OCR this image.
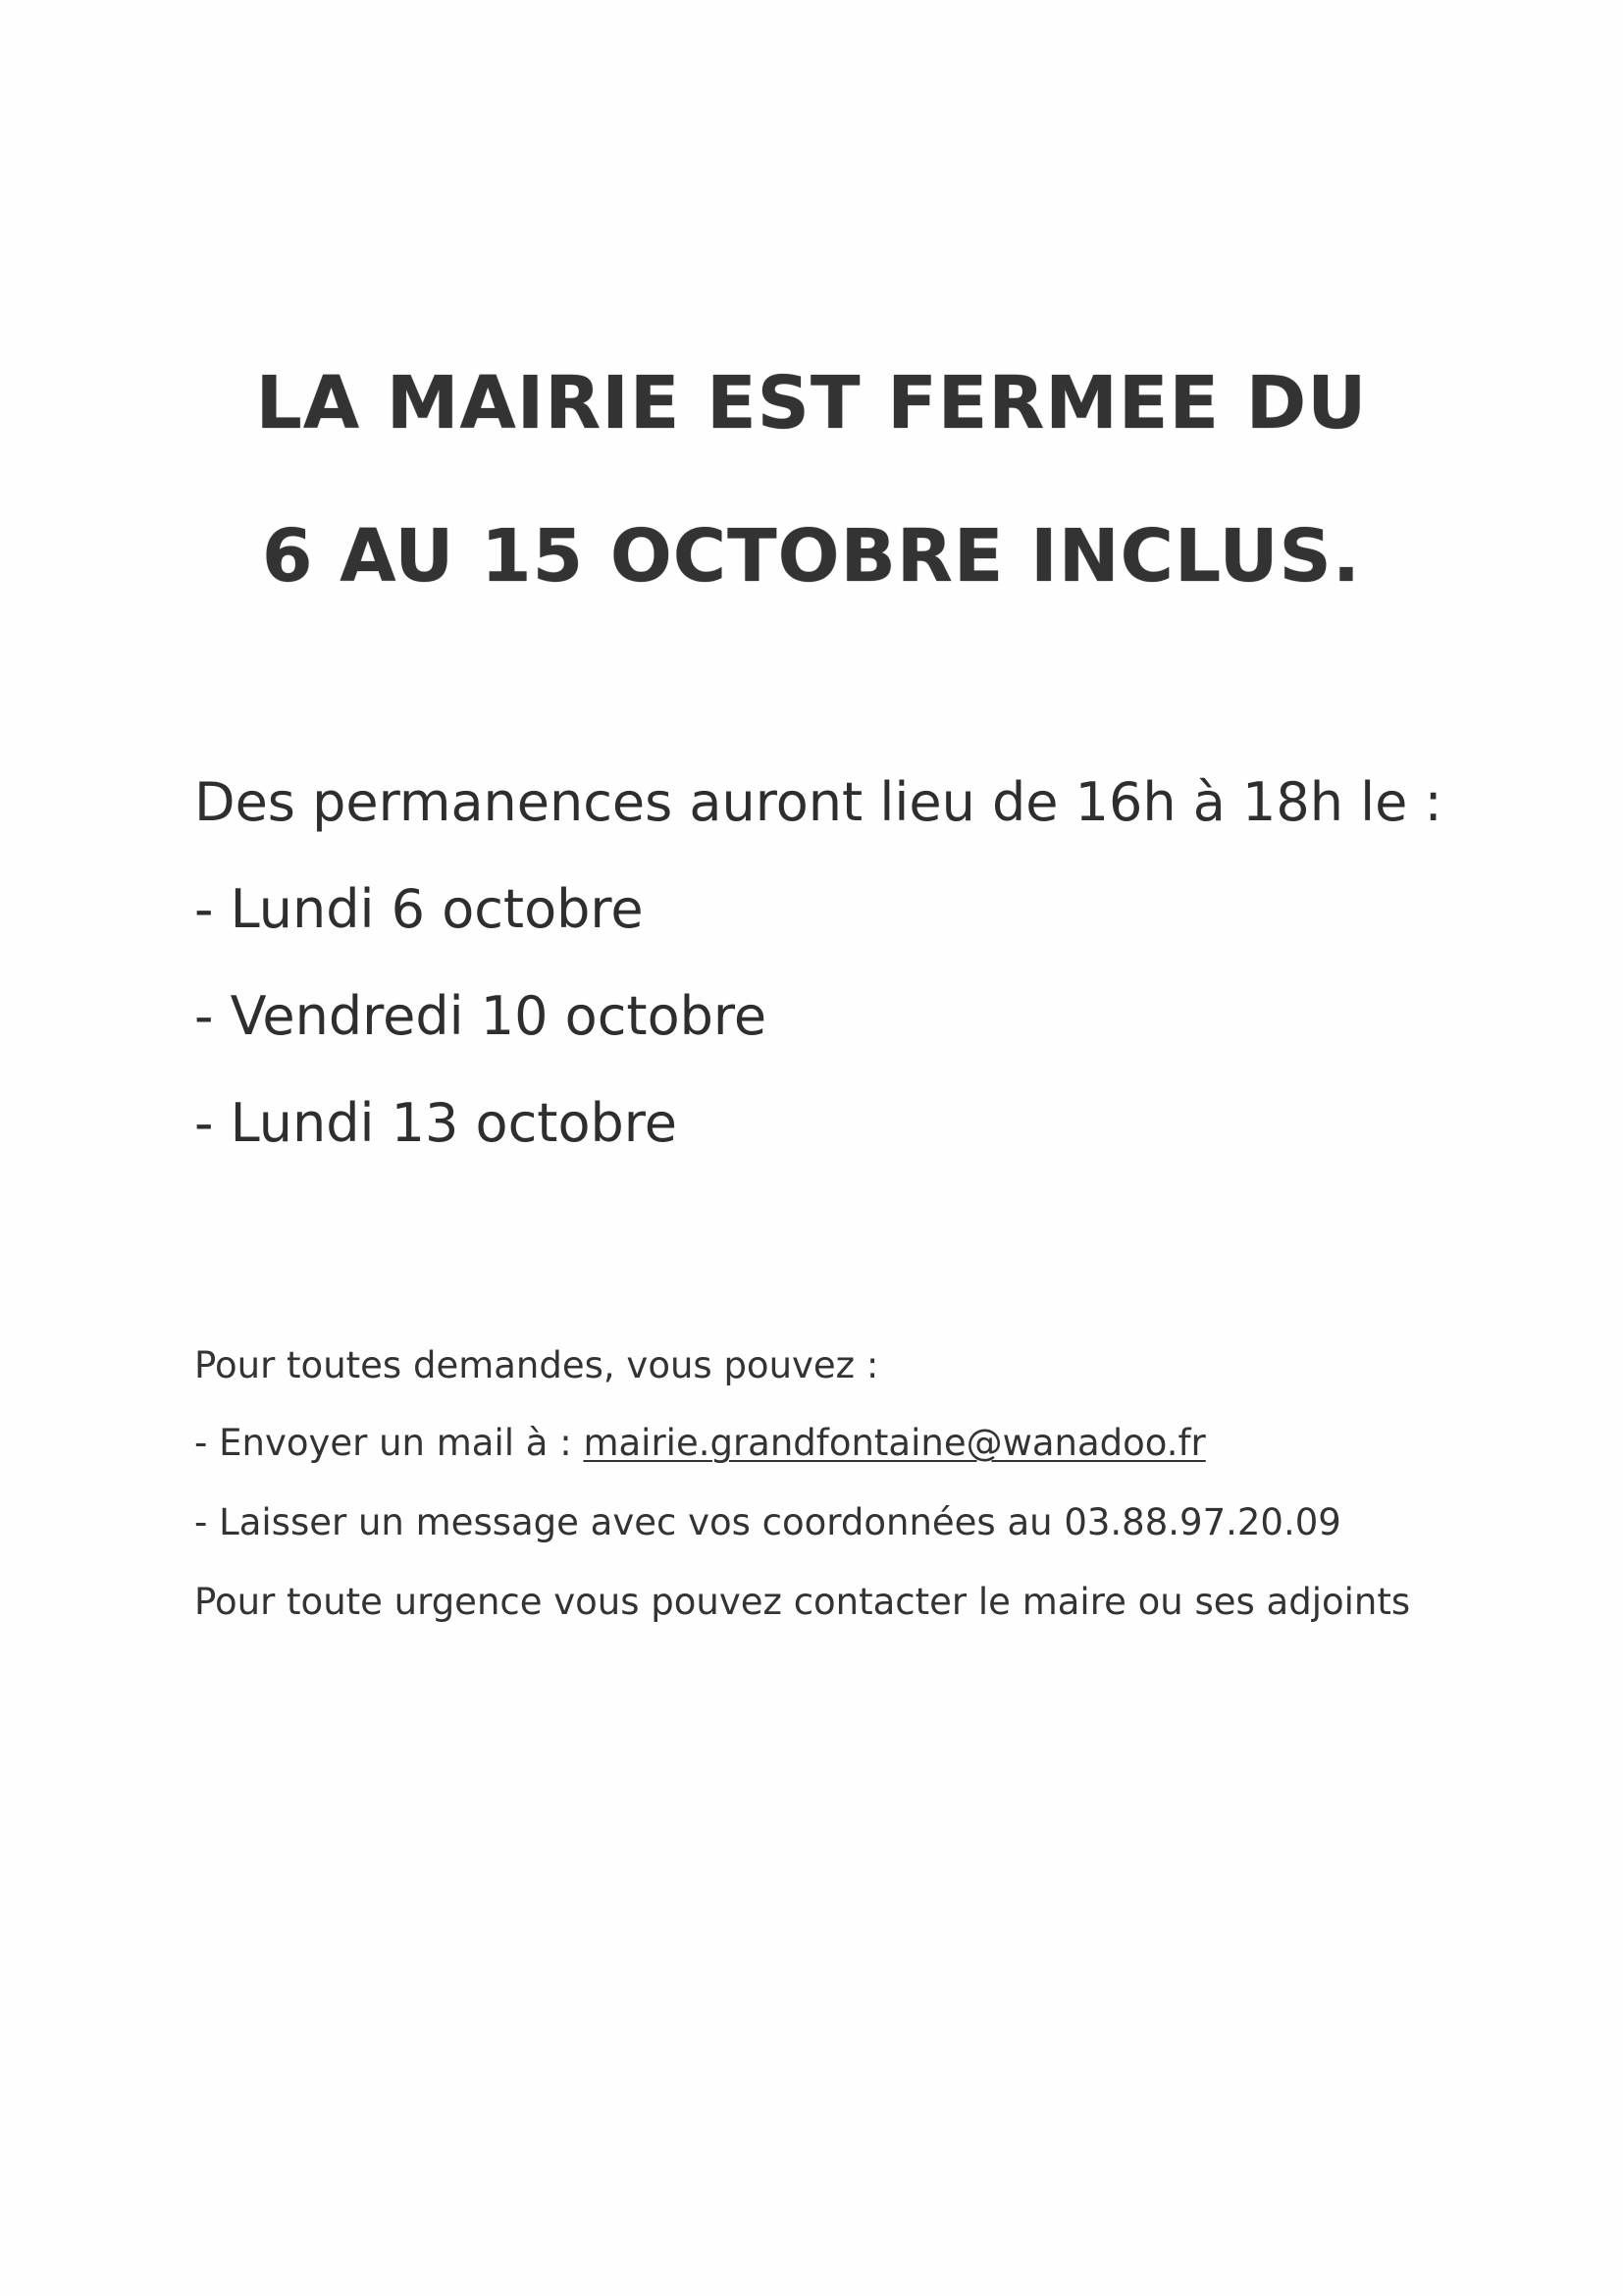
LA MAIRIE EST FERMEE DU
6 AU 15 OCTOBRE INCLUS.
Des permanences auront lieu de 16h à 18h le :
- Lundi 6 octobre
- Vendredi 10 octobre
- Lundi 13 octobre
Pour toutes demandes, vous pouvez :
- Envoyer un mail à : mairie.grandfontaine@wanadoo.fr
- Laisser un message avec vos coordonnées au 03.88.97.20.09
Pour toute urgence vous pouvez contacter le maire ou ses adjoints
